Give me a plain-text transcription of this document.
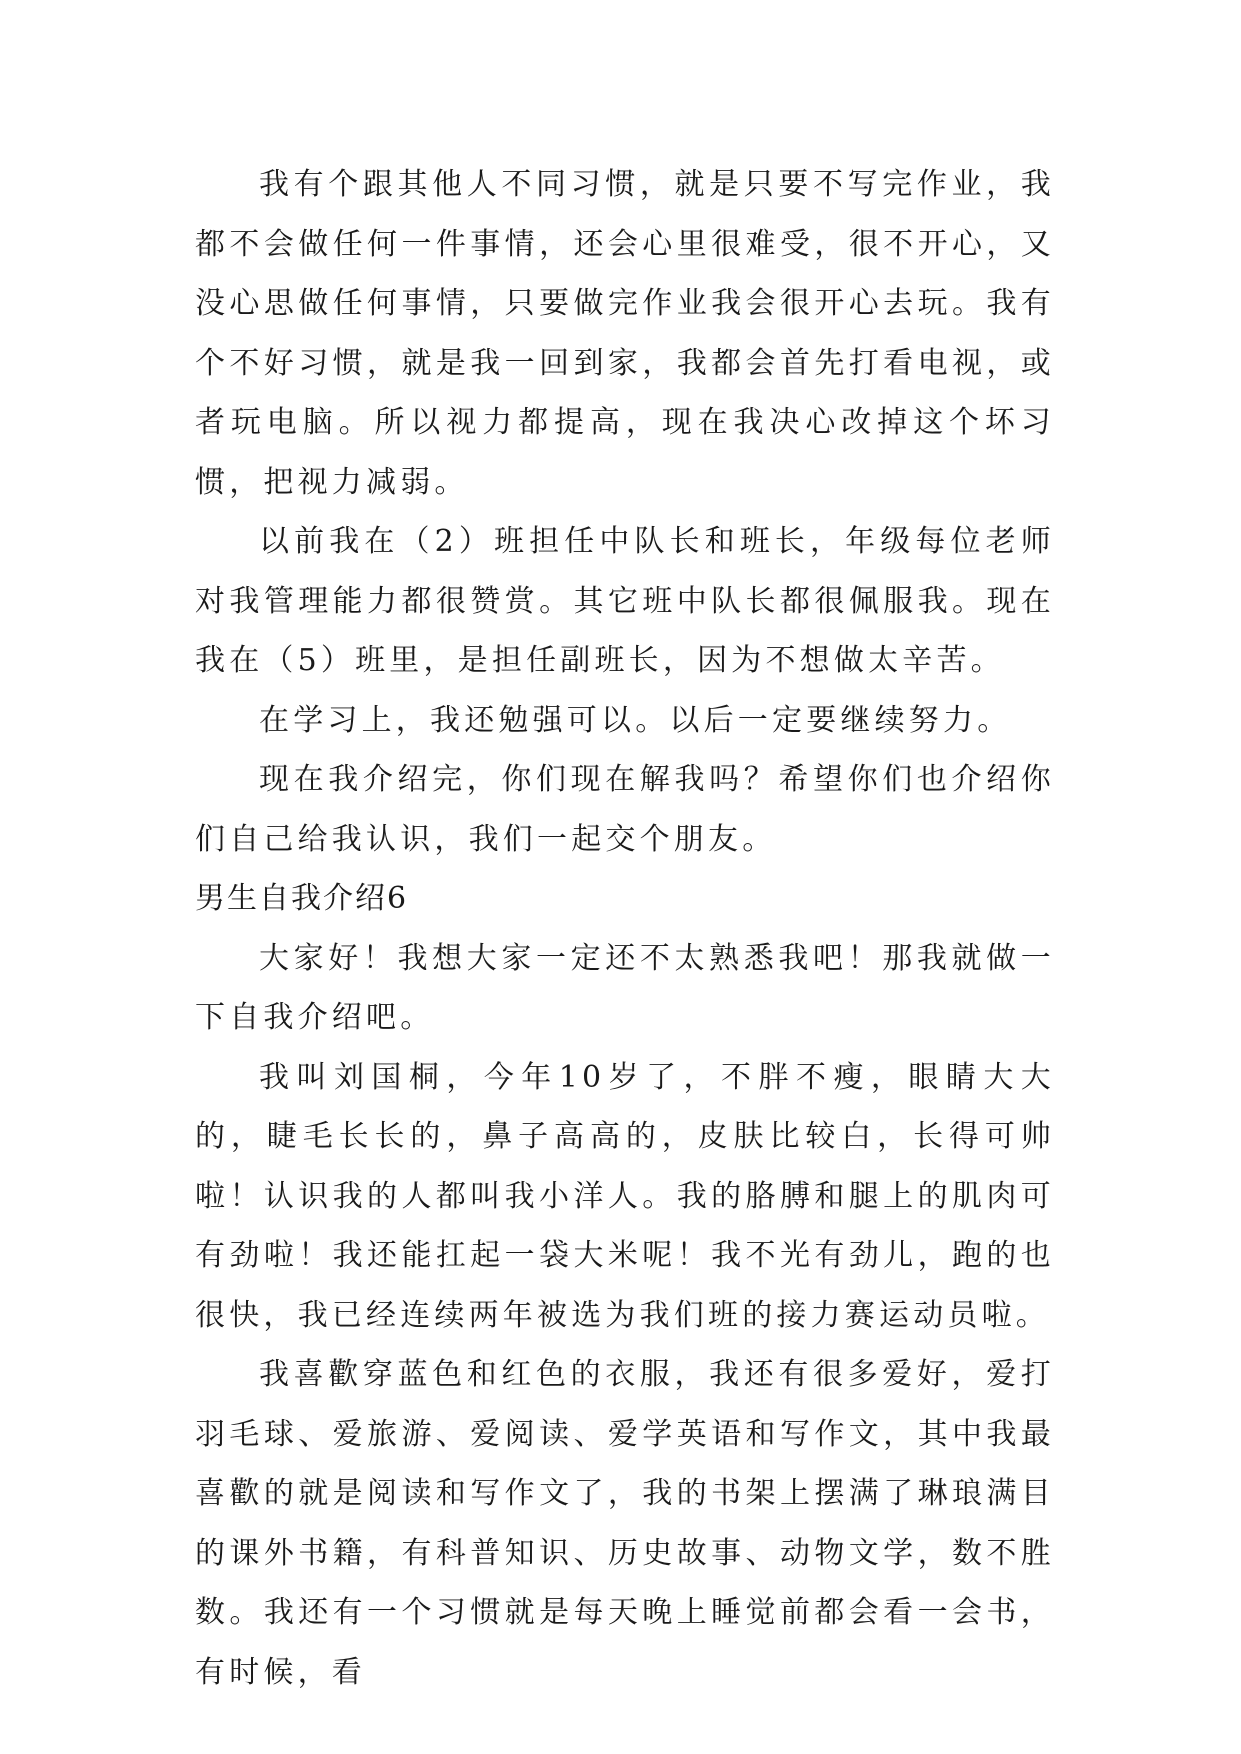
我有个跟其他人不同习惯，就是只要不写完作业，我都不会做任何一件事情，还会心里很难受，很不开心，又没心思做任何事情，只要做完作业我会很开心去玩。我有个不好习惯，就是我一回到家，我都会首先打看电视，或者玩电脑。所以视力都提高，现在我决心改掉这个坏习惯，把视力减弱。

以前我在（2）班担任中队长和班长，年级每位老师对我管理能力都很赞赏。其它班中队长都很佩服我。现在我在（5）班里，是担任副班长，因为不想做太辛苦。

在学习上，我还勉强可以。以后一定要继续努力。

现在我介绍完，你们现在解我吗？希望你们也介绍你们自己给我认识，我们一起交个朋友。

男生自我介绍6

大家好！我想大家一定还不太熟悉我吧！那我就做一下自我介绍吧。

我叫刘国桐，今年10岁了，不胖不瘦，眼睛大大的，睫毛长长的，鼻子高高的，皮肤比较白，长得可帅啦！认识我的人都叫我小洋人。我的胳膊和腿上的肌肉可有劲啦！我还能扛起一袋大米呢！我不光有劲儿，跑的也很快，我已经连续两年被选为我们班的接力赛运动员啦。

我喜歡穿蓝色和红色的衣服，我还有很多爱好，爱打羽毛球、爱旅游、爱阅读、爱学英语和写作文，其中我最喜歡的就是阅读和写作文了，我的书架上摆满了琳琅满目的课外书籍，有科普知识、历史故事、动物文学，数不胜数。我还有一个习惯就是每天晚上睡觉前都会看一会书，有时候，看
